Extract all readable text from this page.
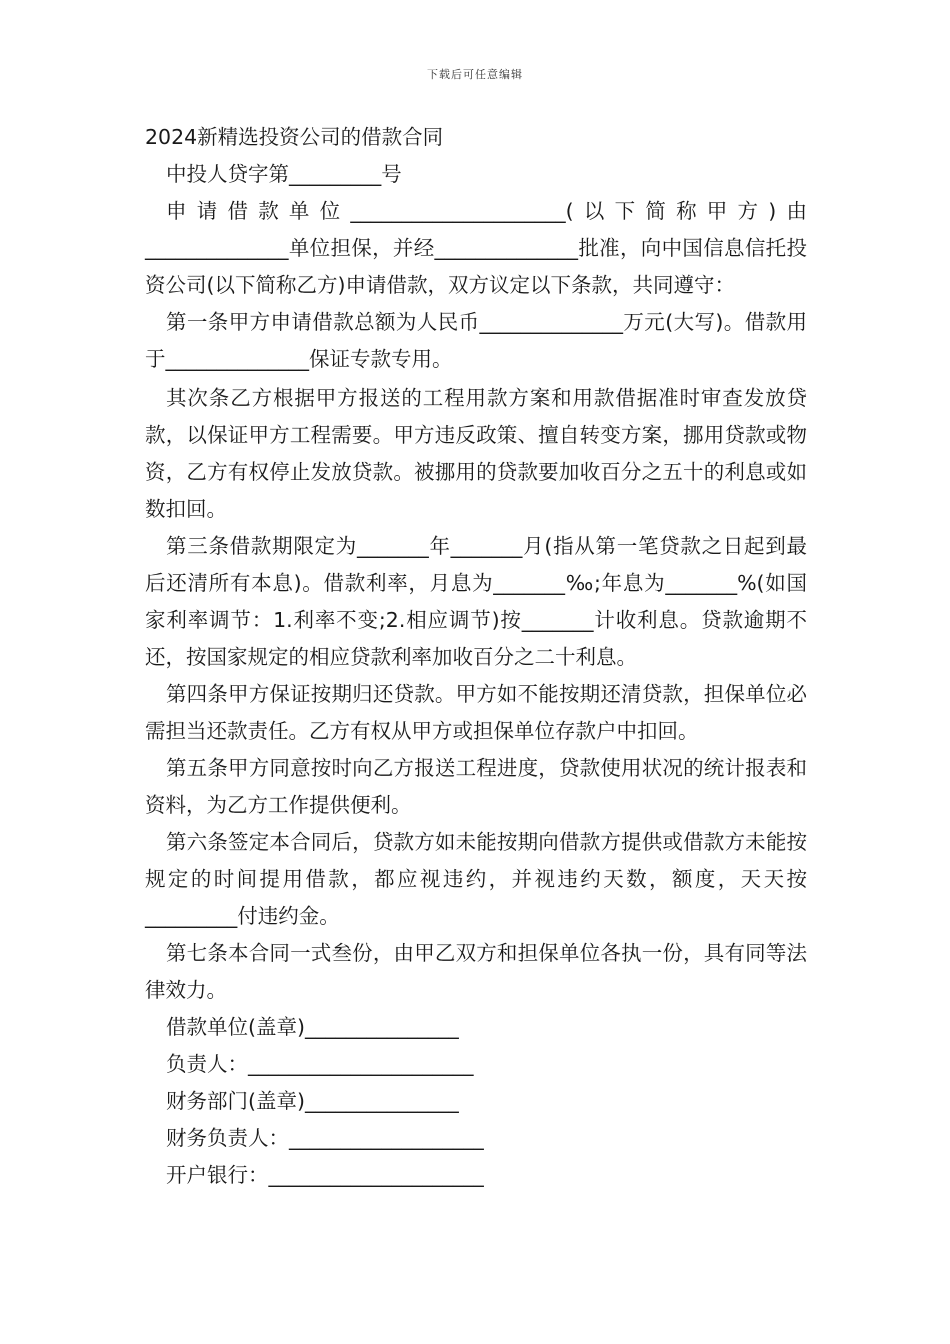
下载后可任意编辑
2024新精选投资公司的借款合同
中投人贷字第_________号

申请借款单位_____________________(以下简称甲方)由______________单位担保，并经______________批准，向中国信息信托投资公司(以下简称乙方)申请借款，双方议定以下条款，共同遵守：

第一条甲方申请借款总额为人民币______________万元(大写)。借款用于______________保证专款专用。

其次条乙方根据甲方报送的工程用款方案和用款借据准时审查发放贷款，以保证甲方工程需要。甲方违反政策、擅自转变方案，挪用贷款或物资，乙方有权停止发放贷款。被挪用的贷款要加收百分之五十的利息或如数扣回。

第三条借款期限定为_______年_______月(指从第一笔贷款之日起到最后还清所有本息)。借款利率，月息为_______‰;年息为_______%(如国家利率调节：1.利率不变;2.相应调节)按_______计收利息。贷款逾期不还，按国家规定的相应贷款利率加收百分之二十利息。

第四条甲方保证按期归还贷款。甲方如不能按期还清贷款，担保单位必需担当还款责任。乙方有权从甲方或担保单位存款户中扣回。

第五条甲方同意按时向乙方报送工程进度，贷款使用状况的统计报表和资料，为乙方工作提供便利。

第六条签定本合同后，贷款方如未能按期向借款方提供或借款方未能按规定的时间提用借款，都应视违约，并视违约天数，额度，天天按_________付违约金。

第七条本合同一式叁份，由甲乙双方和担保单位各执一份，具有同等法律效力。

借款单位(盖章)_______________
负责人：______________________
财务部门(盖章)_______________
财务负责人：___________________
开户银行：_____________________
